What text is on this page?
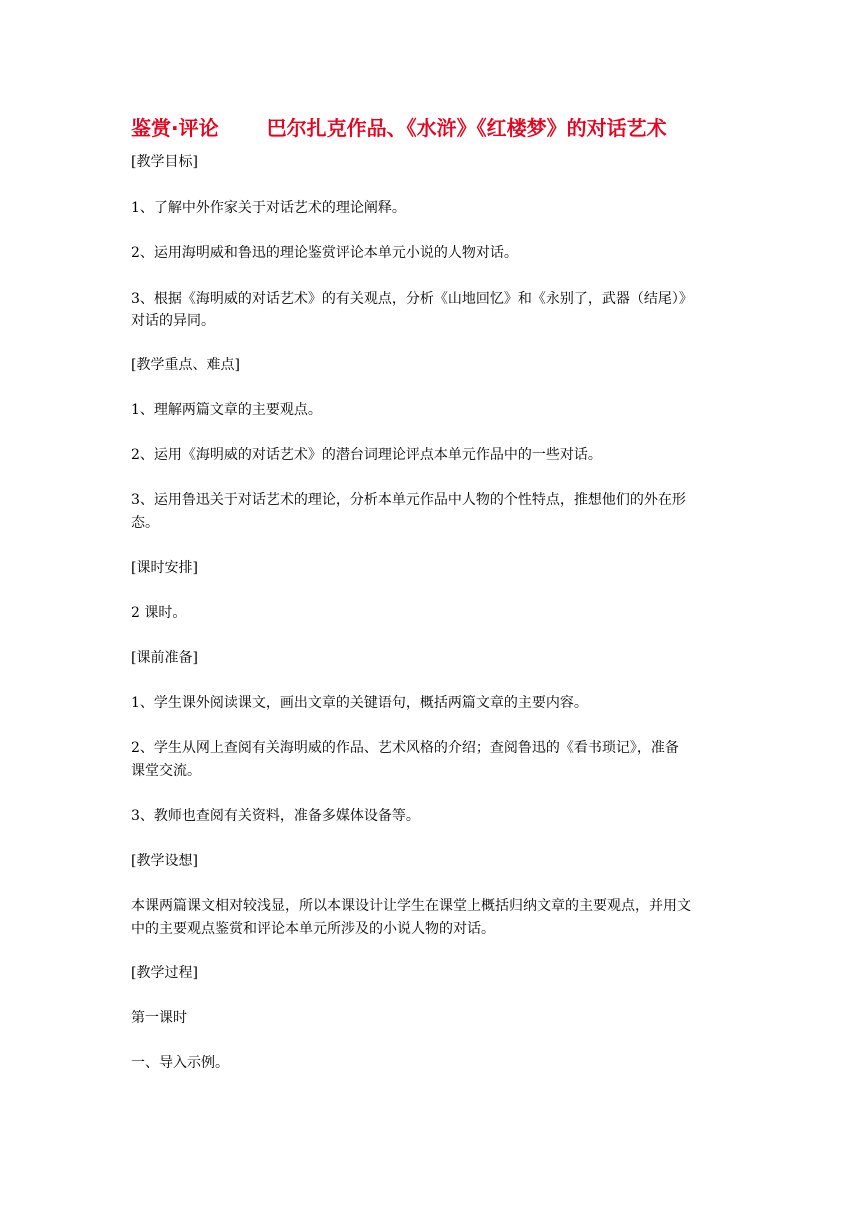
鉴赏·评论 巴尔扎克作品、《水浒》《红楼梦》的对话艺术
[教学目标]
1、了解中外作家关于对话艺术的理论阐释。
2、运用海明威和鲁迅的理论鉴赏评论本单元小说的人物对话。
3、根据《海明威的对话艺术》的有关观点，分析《山地回忆》和《永别了，武器（结尾）》
对话的异同。
[教学重点、难点]
1、理解两篇文章的主要观点。
2、运用《海明威的对话艺术》的潜台词理论评点本单元作品中的一些对话。
3、运用鲁迅关于对话艺术的理论，分析本单元作品中人物的个性特点，推想他们的外在形
态。
[课时安排]
2 课时。
[课前准备]
1、学生课外阅读课文，画出文章的关键语句，概括两篇文章的主要内容。
2、学生从网上查阅有关海明威的作品、艺术风格的介绍；查阅鲁迅的《看书琐记》，准备
课堂交流。
3、教师也查阅有关资料，准备多媒体设备等。
[教学设想]
本课两篇课文相对较浅显，所以本课设计让学生在课堂上概括归纳文章的主要观点，并用文
中的主要观点鉴赏和评论本单元所涉及的小说人物的对话。
[教学过程]
第一课时
一、导入示例。
